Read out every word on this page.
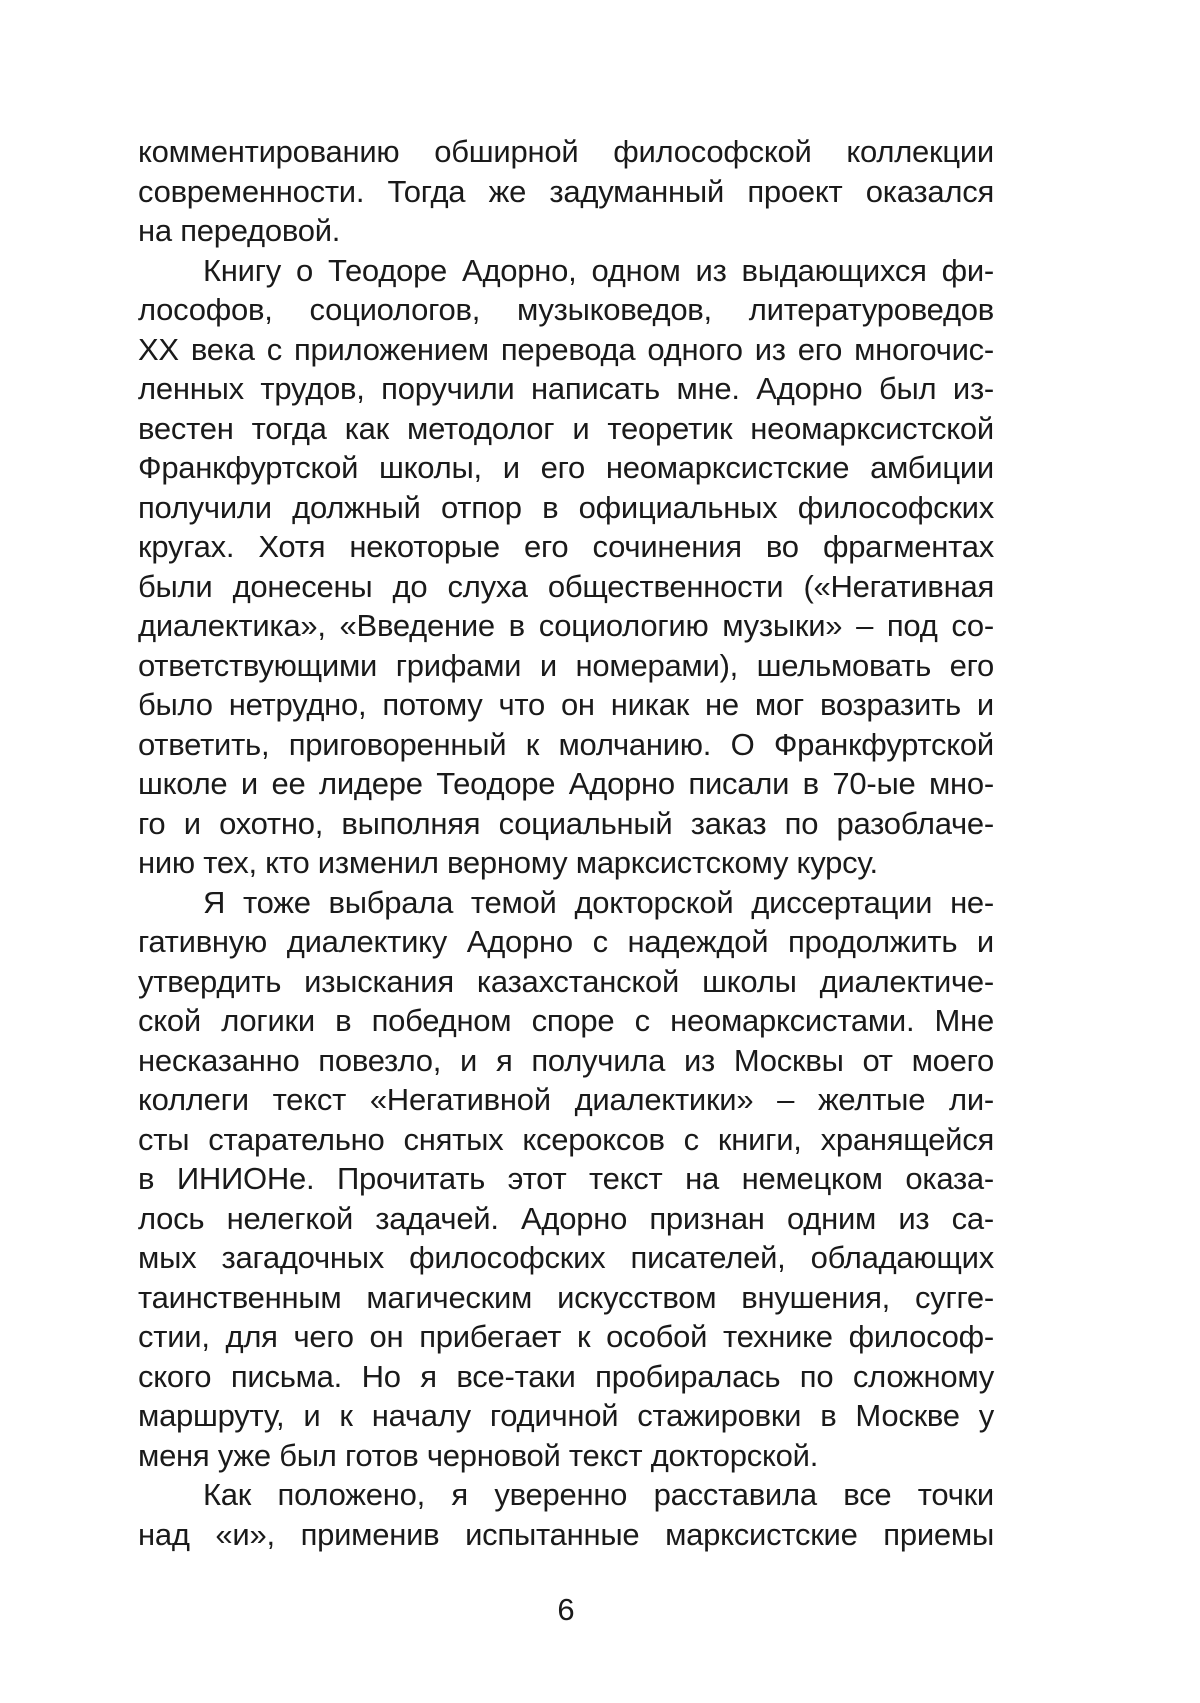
комментированию обширной философской коллекции
современности. Тогда же задуманный проект оказался
на передовой.
Книгу о Теодоре Адорно, одном из выдающихся фи-
лософов, социологов, музыковедов, литературоведов
XX века с приложением перевода одного из его многочис-
ленных трудов, поручили написать мне. Адорно был из-
вестен тогда как методолог и теоретик неомарксистской
Франкфуртской школы, и его неомарксистские амбиции
получили должный отпор в официальных философских
кругах. Хотя некоторые его сочинения во фрагментах
были донесены до слуха общественности («Негативная
диалектика», «Введение в социологию музыки» – под со-
ответствующими грифами и номерами), шельмовать его
было нетрудно, потому что он никак не мог возразить и
ответить, приговоренный к молчанию. О Франкфуртской
школе и ее лидере Теодоре Адорно писали в 70-ые мно-
го и охотно, выполняя социальный заказ по разоблаче-
нию тех, кто изменил верному марксистскому курсу.
Я тоже выбрала темой докторской диссертации не-
гативную диалектику Адорно с надеждой продолжить и
утвердить изыскания казахстанской школы диалектиче-
ской логики в победном споре с неомарксистами. Мне
несказанно повезло, и я получила из Москвы от моего
коллеги текст «Негативной диалектики» – желтые ли-
сты старательно снятых ксероксов с книги, хранящейся
в ИНИОНе. Прочитать этот текст на немецком оказа-
лось нелегкой задачей. Адорно признан одним из са-
мых загадочных философских писателей, обладающих
таинственным магическим искусством внушения, сугге-
стии, для чего он прибегает к особой технике философ-
ского письма. Но я все-таки пробиралась по сложному
маршруту, и к началу годичной стажировки в Москве у
меня уже был готов черновой текст докторской.
Как положено, я уверенно расставила все точки
над «и», применив испытанные марксистские приемы
6
